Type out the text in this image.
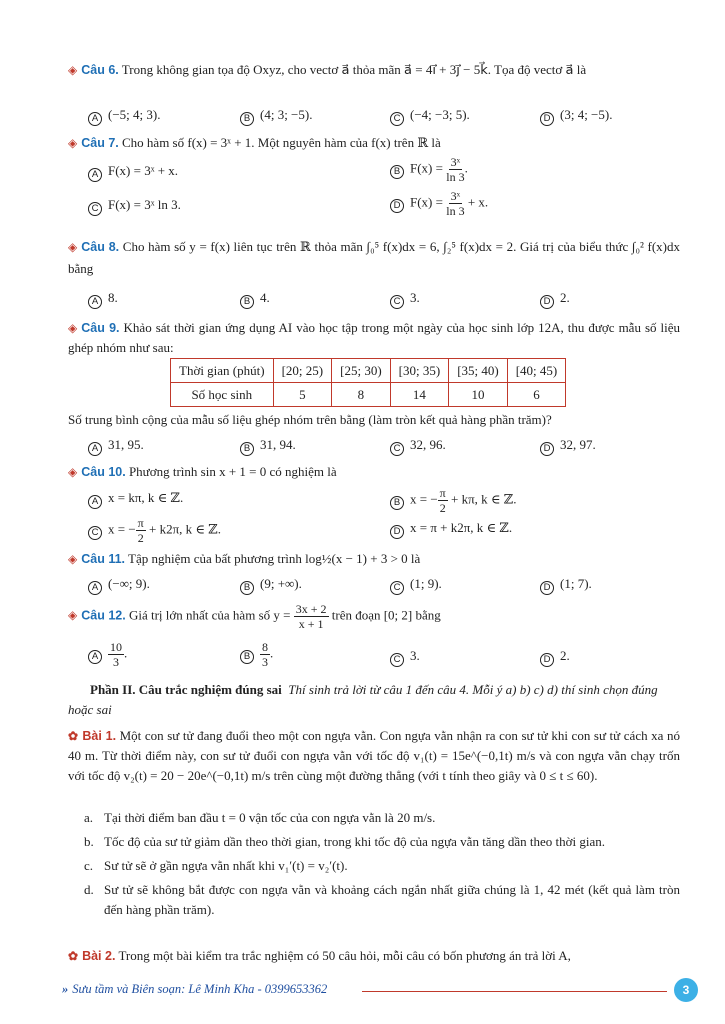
◈ Câu 6. Trong không gian tọa độ Oxyz, cho vectơ a⃗ thỏa mãn a⃗ = 4i⃗ + 3j⃗ − 5k⃗. Tọa độ vectơ a⃗ là
A (−5; 4; 3).	B (4; 3; −5).	C (−4; −3; 5).	D (3; 4; −5).
◈ Câu 7. Cho hàm số f(x) = 3ˣ + 1. Một nguyên hàm của f(x) trên ℝ là
A F(x) = 3ˣ + x.	B $F(x) = \frac{\text{3ˣ}}{\ln 3}$ .
C F(x) = 3ˣ ln 3.	D $F(x) = \frac{\text{3ˣ}}{\ln 3} + x$.
◈ Câu 8. Cho hàm số y = f(x) liên tục trên ℝ thỏa mãn ∫₀⁵ f(x)dx = 6, ∫₂⁵ f(x)dx = 2. Giá trị của biểu thức ∫₀² f(x)dx bằng
A 8.	B 4.	C 3.	D 2.
◈ Câu 9. Khảo sát thời gian ứng dụng AI vào học tập trong một ngày của học sinh lớp 12A, thu được mẫu số liệu ghép nhóm như sau:
Thời gian (phút)	[20; 25)	[25; 30)	[30; 35)	[35; 40)	[40; 45)
Số học sinh	5	8	14	10	6
Số trung bình cộng của mẫu số liệu ghép nhóm trên bằng (làm tròn kết quả hàng phần trăm)?
A 31, 95.	B 31, 94.	C 32, 96.	D 32, 97.
◈ Câu 10. Phương trình sin x + 1 = 0 có nghiệm là
A x = kπ, k ∈ ℤ.	B x = − $\frac{\pi}{2} + k\pi$, k ∈ ℤ.
C x = − $\frac{\pi}{2} + k2\pi$, k ∈ ℤ.	D x = π + k2π, k ∈ ℤ.
◈ Câu 11. Tập nghiệm của bất phương trình log½(x − 1) + 3 > 0 là
A (−∞; 9).	B (9; +∞).	C (1; 9).	D (1; 7).
◈ Câu 12. Giá trị lớn nhất của hàm số $y = \frac{3x + 2}{x + 1}$ trên đoạn [0; 2] bằng
A $\frac{10}{3}$ .	B $\frac{8}{3}$ .	C 3.	D 2.
Phần II. Câu trắc nghiệm đúng sai Thí sinh trả lời từ câu 1 đến câu 4. Mỗi ý a) b) c) d) thí sinh chọn đúng hoặc sai
✿ Bài 1. Một con sư tử đang đuổi theo một con ngựa vằn. Con ngựa vằn nhận ra con sư tử khi con sư tử cách xa nó 40 m. Từ thời điểm này, con sư tử đuổi con ngựa vằn với tốc độ v₁(t) = 15e^(−0,1t) m/s và con ngựa vằn chạy trốn với tốc độ v₂(t) = 20 − 20e^(−0,1t) m/s trên cùng một đường thẳng (với t tính theo giây và 0 ≤ t ≤ 60).
a. Tại thời điểm ban đầu t = 0 vận tốc của con ngựa vằn là 20 m/s.
b. Tốc độ của sư tử giảm dần theo thời gian, trong khi tốc độ của ngựa vằn tăng dần theo thời gian.
c. Sư tử sẽ ở gần ngựa vằn nhất khi v₁′(t) = v₂′(t).
d. Sư tử sẽ không bắt được con ngựa vằn và khoảng cách ngắn nhất giữa chúng là 1, 42 mét (kết quả làm tròn đến hàng phần trăm).
✿ Bài 2. Trong một bài kiểm tra trắc nghiệm có 50 câu hỏi, mỗi câu có bốn phương án trả lời A,
» Sưu tầm và Biên soạn: Lê Minh Kha - 0399653362	3
